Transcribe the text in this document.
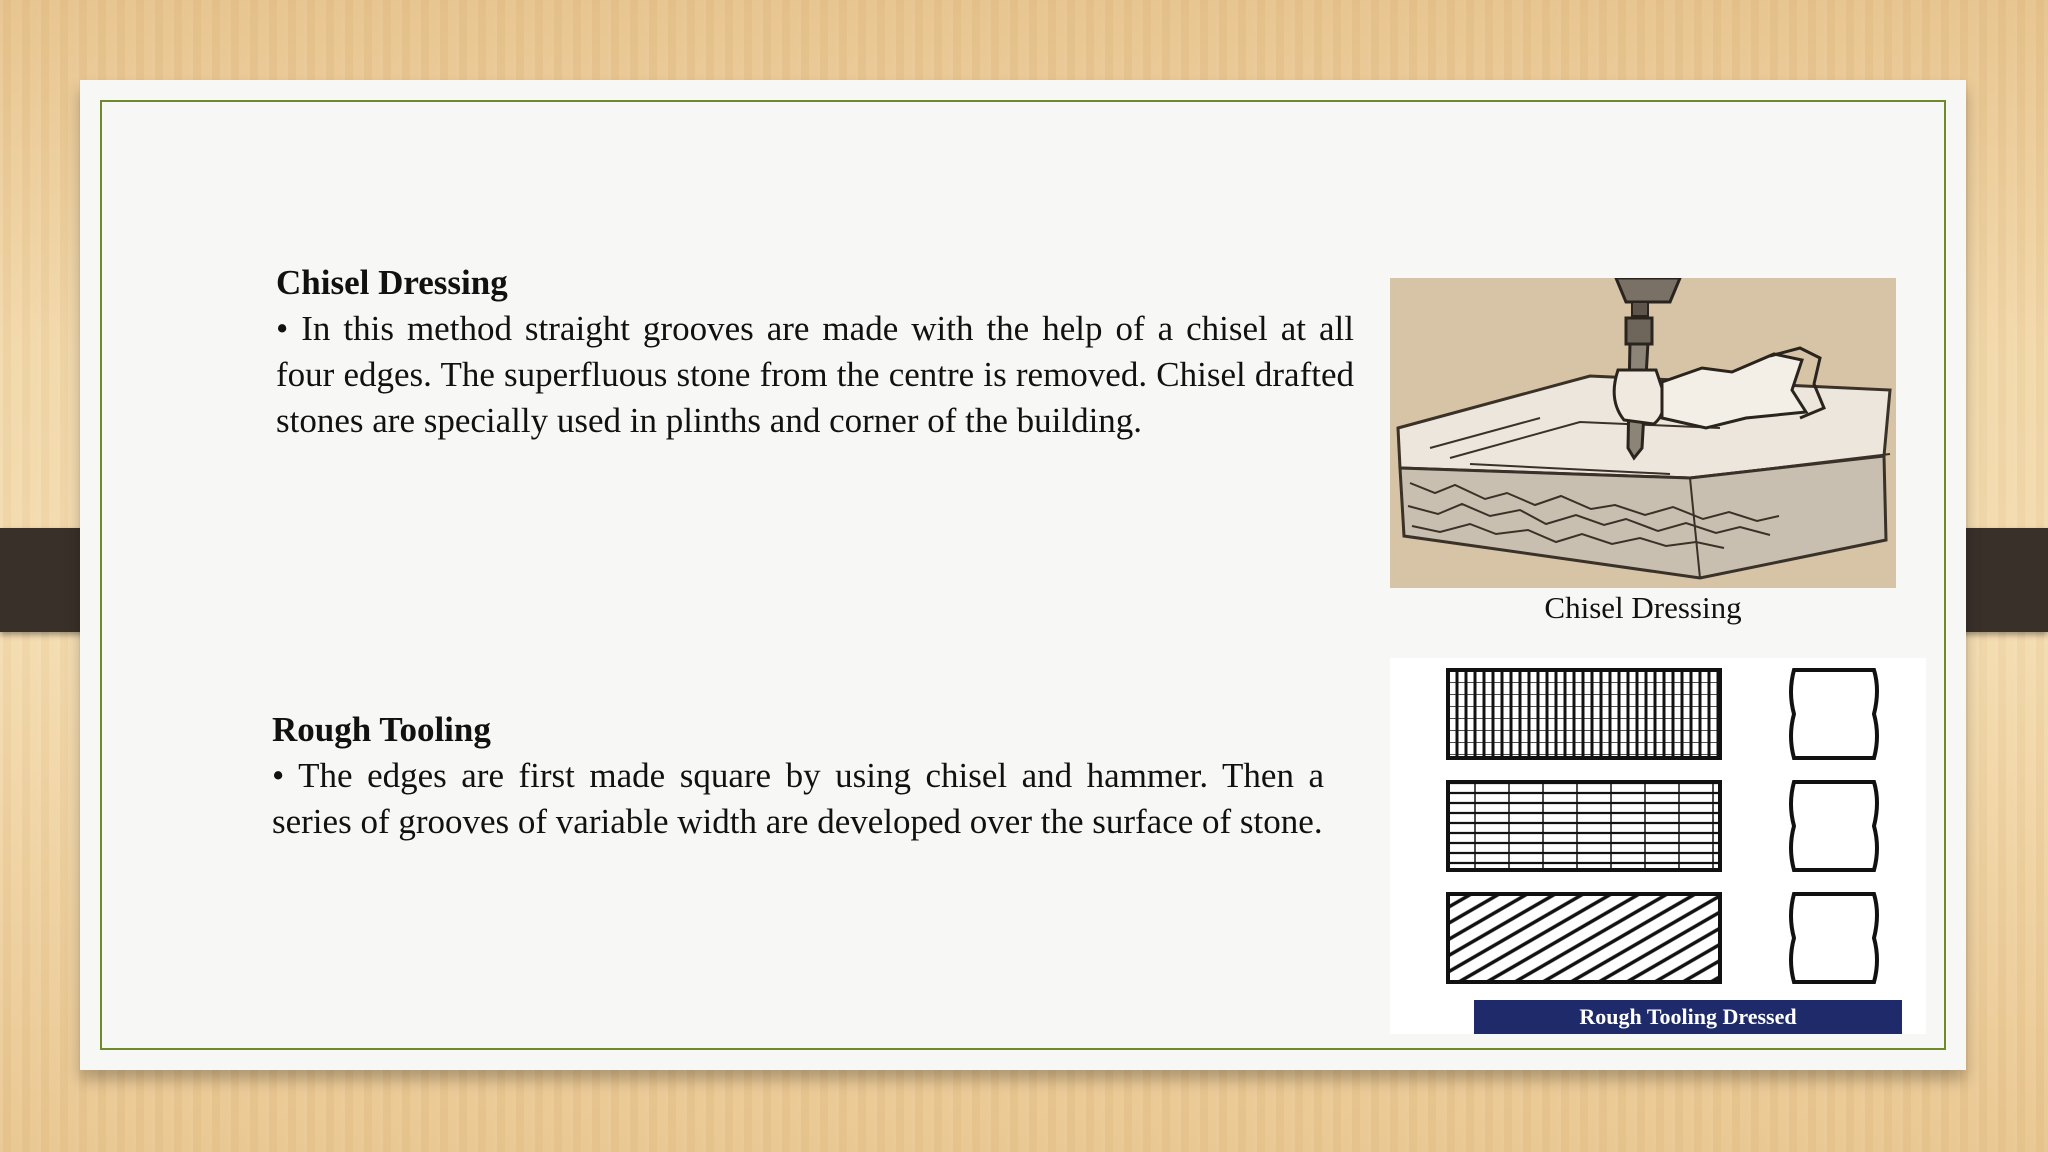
Chisel Dressing
• In this method straight grooves are made with the help of a chisel at all four edges. The superfluous stone from the centre is removed. Chisel drafted stones are specially used in plinths and corner of the building.
Rough Tooling
• The edges are first made square by using chisel and hammer. Then a series of grooves of variable width are developed over the surface of stone.
Chisel Dressing
Rough Tooling Dressed
